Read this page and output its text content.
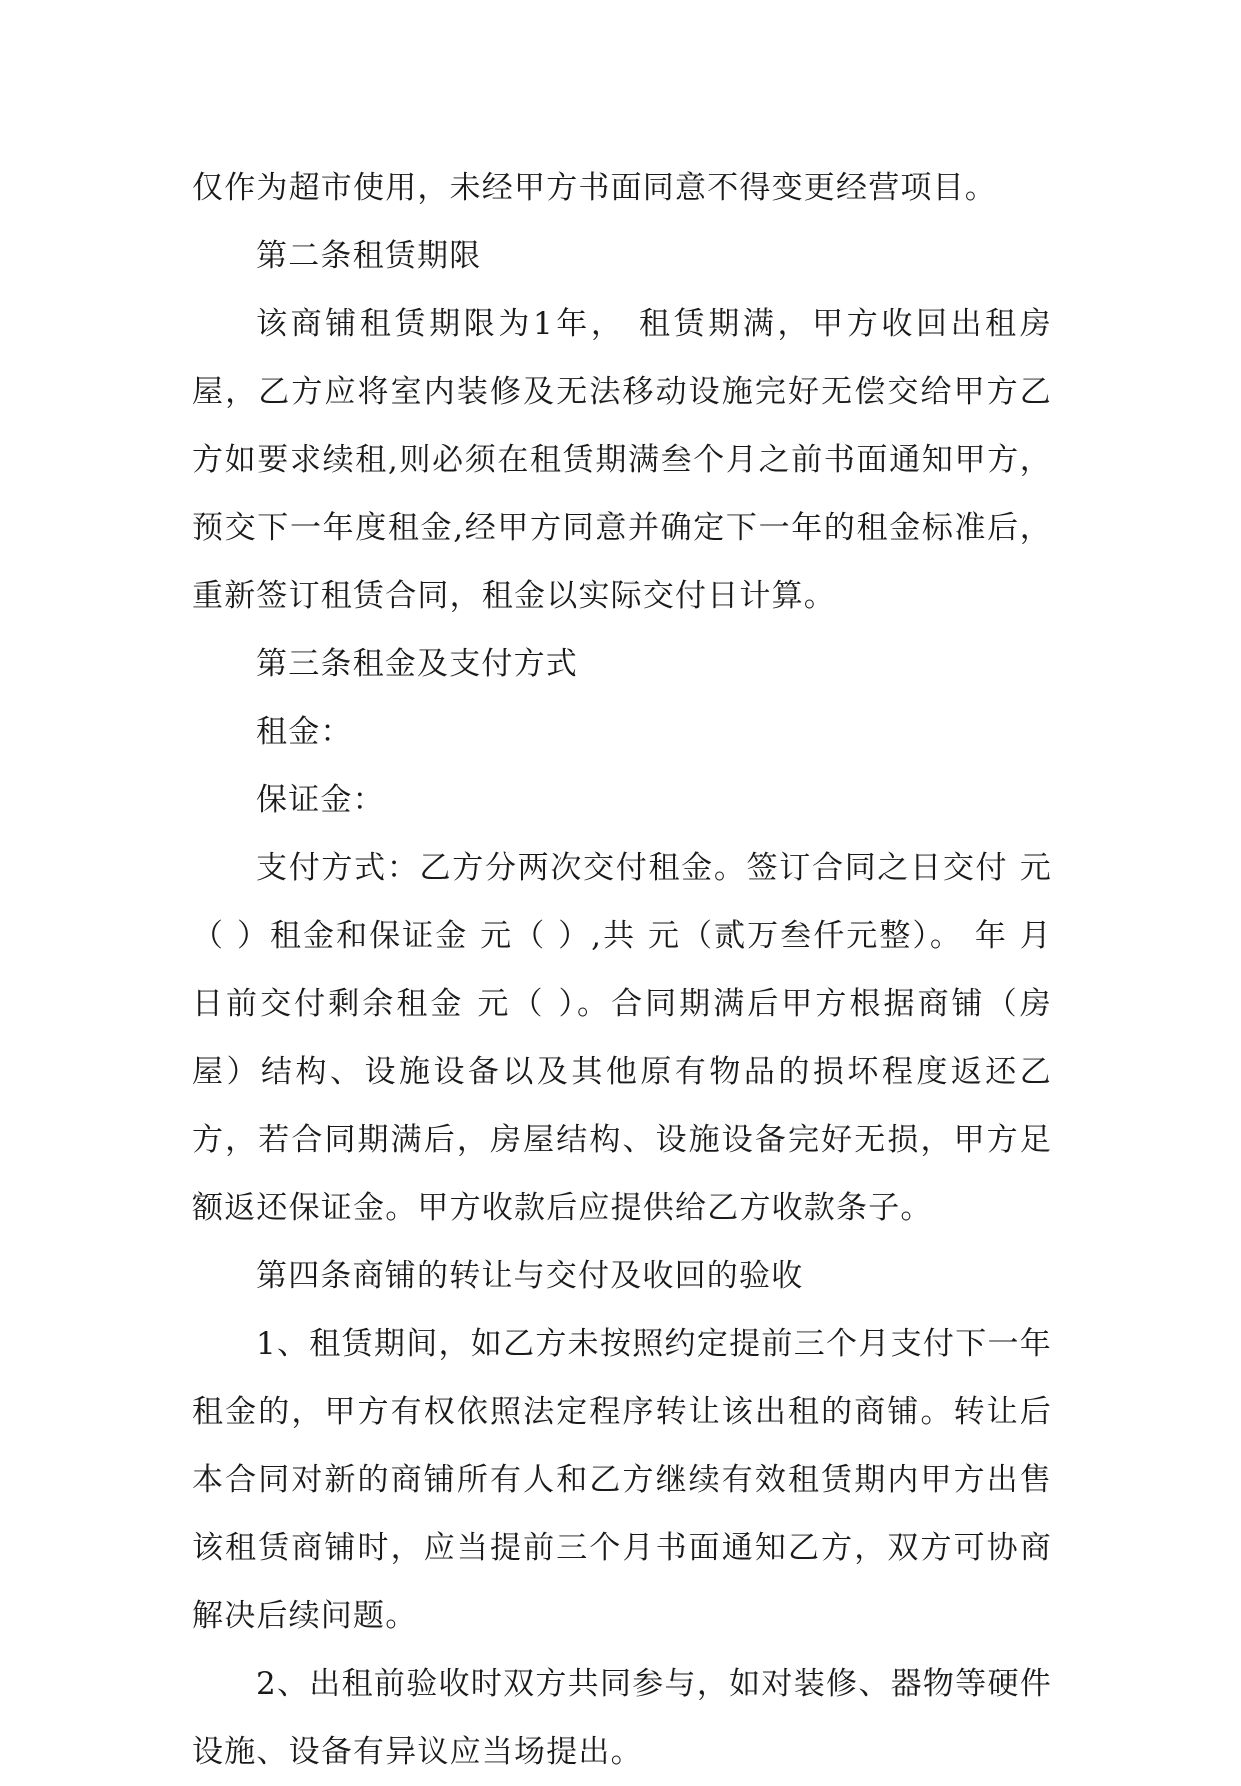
仅作为超市使用，未经甲方书面同意不得变更经营项目。

第二条租赁期限

该商铺租赁期限为1年， 租赁期满，甲方收回出租房屋，乙方应将室内装修及无法移动设施完好无偿交给甲方乙方如要求续租,则必须在租赁期满叁个月之前书面通知甲方，预交下一年度租金,经甲方同意并确定下一年的租金标准后，重新签订租赁合同，租金以实际交付日计算。

第三条租金及支付方式

租金：

保证金：

支付方式：乙方分两次交付租金。签订合同之日交付 元（ ）租金和保证金 元（ ）,共 元（贰万叁仟元整）。 年 月 日前交付剩余租金 元（ ）。合同期满后甲方根据商铺（房屋）结构、设施设备以及其他原有物品的损坏程度返还乙方，若合同期满后，房屋结构、设施设备完好无损，甲方足额返还保证金。甲方收款后应提供给乙方收款条子。

第四条商铺的转让与交付及收回的验收

1、租赁期间，如乙方未按照约定提前三个月支付下一年租金的，甲方有权依照法定程序转让该出租的商铺。转让后本合同对新的商铺所有人和乙方继续有效租赁期内甲方出售该租赁商铺时，应当提前三个月书面通知乙方，双方可协商解决后续问题。

2、出租前验收时双方共同参与，如对装修、器物等硬件设施、设备有异议应当场提出。
